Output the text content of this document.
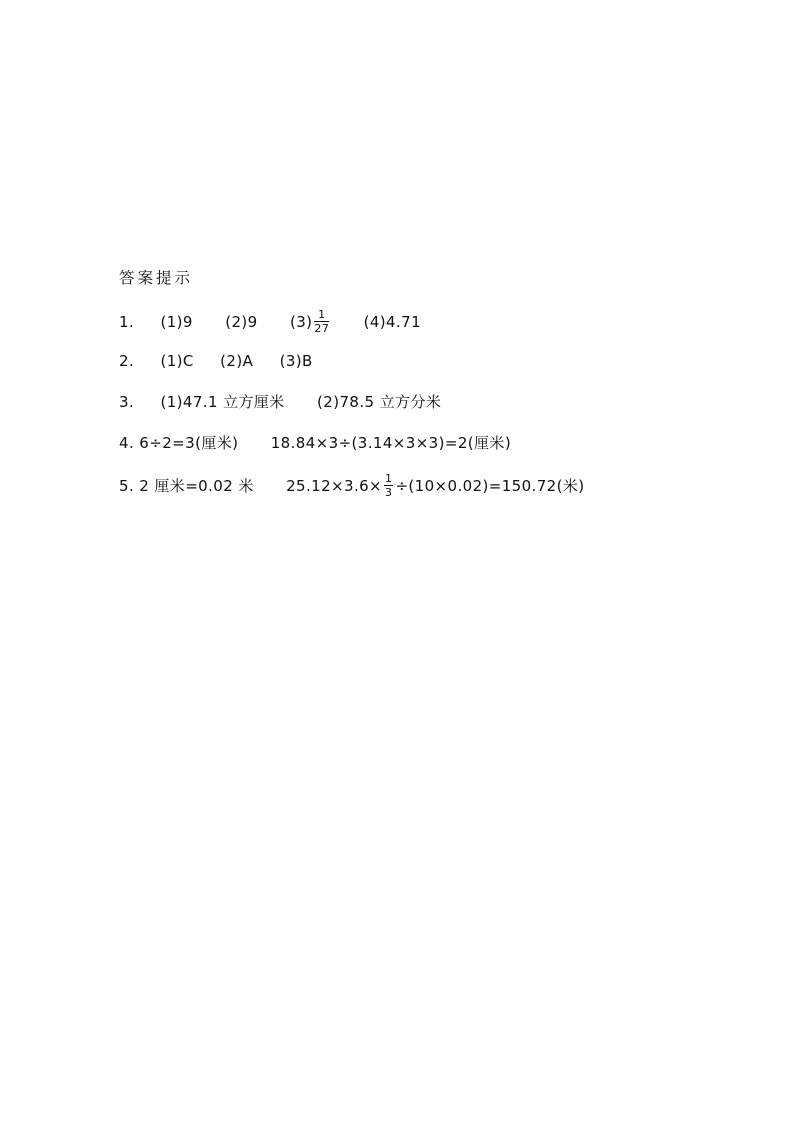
答案提示
1. (1)9 (2)9 $(3) \frac{1}{27} (4)4.71$
2. (1)C (2)A (3)B
3. (1)47.1 立方厘米 (2)78.5 立方分米
4. 6÷2=3(厘米) 18.84×3÷(3.14×3×3)=2(厘米)
5. 2 厘米=0.02 米 $25.12\times 3.6\times \frac{1}{3} \div(10\times 0.02)=150.72$(米)
